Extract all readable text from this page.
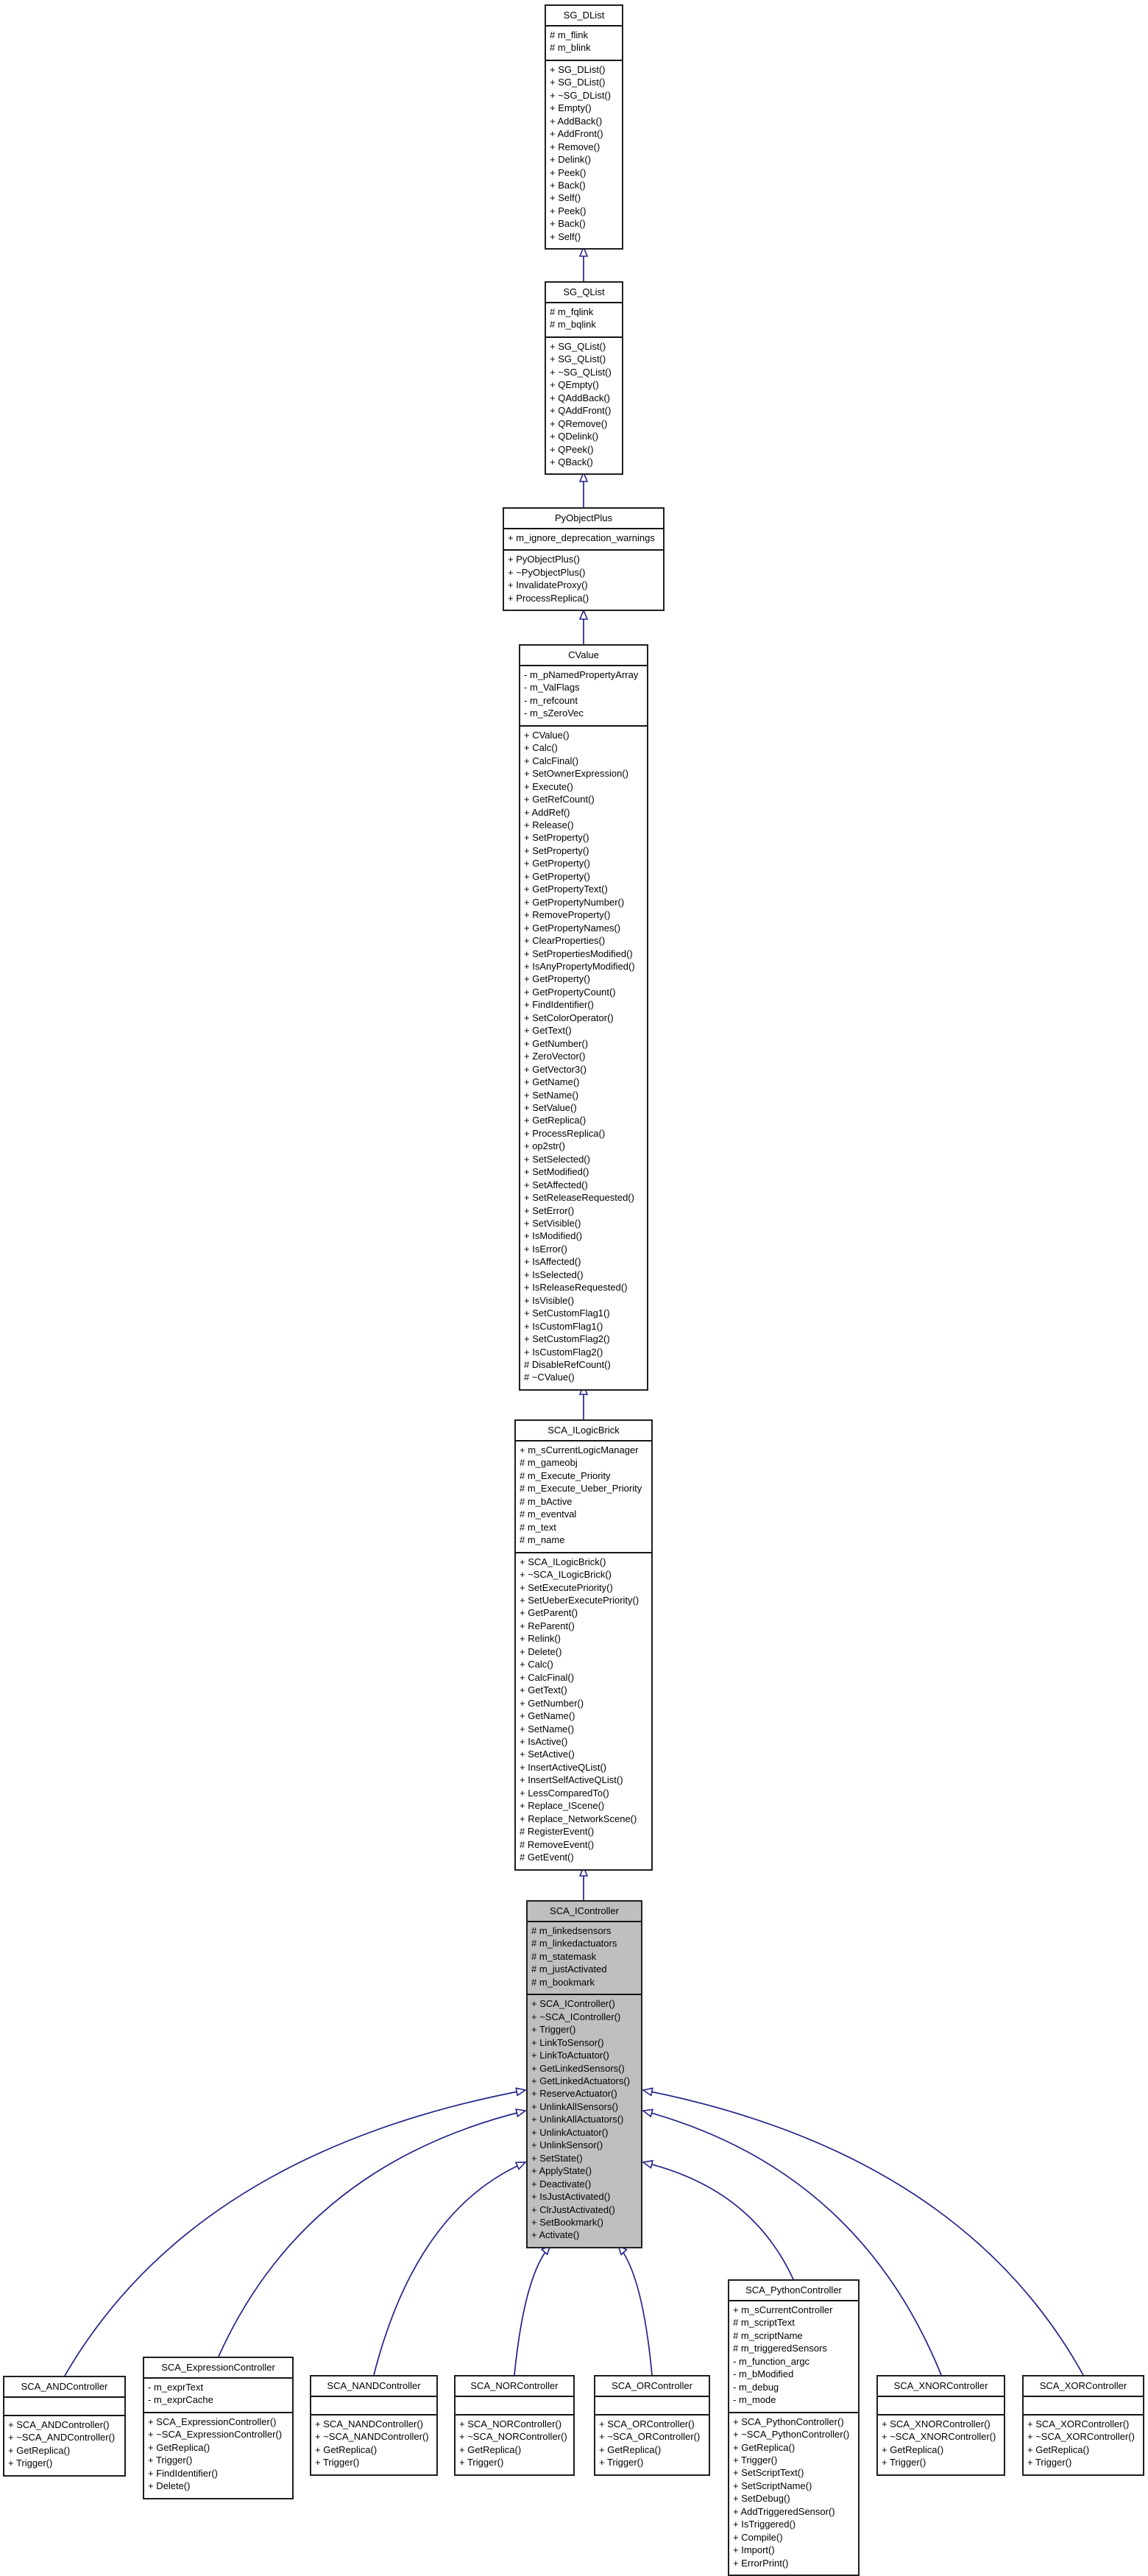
SG_DList
# m_flink
# m_blink
+ SG_DList()
+ SG_DList()
+ ~SG_DList()
+ Empty()
+ AddBack()
+ AddFront()
+ Remove()
+ Delink()
+ Peek()
+ Back()
+ Self()
+ Peek()
+ Back()
+ Self()
SG_QList
# m_fqlink
# m_bqlink
+ SG_QList()
+ SG_QList()
+ ~SG_QList()
+ QEmpty()
+ QAddBack()
+ QAddFront()
+ QRemove()
+ QDelink()
+ QPeek()
+ QBack()
PyObjectPlus
+ m_ignore_deprecation_warnings
+ PyObjectPlus()
+ ~PyObjectPlus()
+ InvalidateProxy()
+ ProcessReplica()
CValue
- m_pNamedPropertyArray
- m_ValFlags
- m_refcount
- m_sZeroVec
+ CValue()
+ Calc()
+ CalcFinal()
+ SetOwnerExpression()
+ Execute()
+ GetRefCount()
+ AddRef()
+ Release()
+ SetProperty()
+ SetProperty()
+ GetProperty()
+ GetProperty()
+ GetPropertyText()
+ GetPropertyNumber()
+ RemoveProperty()
+ GetPropertyNames()
+ ClearProperties()
+ SetPropertiesModified()
+ IsAnyPropertyModified()
+ GetProperty()
+ GetPropertyCount()
+ FindIdentifier()
+ SetColorOperator()
+ GetText()
+ GetNumber()
+ ZeroVector()
+ GetVector3()
+ GetName()
+ SetName()
+ SetValue()
+ GetReplica()
+ ProcessReplica()
+ op2str()
+ SetSelected()
+ SetModified()
+ SetAffected()
+ SetReleaseRequested()
+ SetError()
+ SetVisible()
+ IsModified()
+ IsError()
+ IsAffected()
+ IsSelected()
+ IsReleaseRequested()
+ IsVisible()
+ SetCustomFlag1()
+ IsCustomFlag1()
+ SetCustomFlag2()
+ IsCustomFlag2()
# DisableRefCount()
# ~CValue()
SCA_ILogicBrick
+ m_sCurrentLogicManager
# m_gameobj
# m_Execute_Priority
# m_Execute_Ueber_Priority
# m_bActive
# m_eventval
# m_text
# m_name
+ SCA_ILogicBrick()
+ ~SCA_ILogicBrick()
+ SetExecutePriority()
+ SetUeberExecutePriority()
+ GetParent()
+ ReParent()
+ Relink()
+ Delete()
+ Calc()
+ CalcFinal()
+ GetText()
+ GetNumber()
+ GetName()
+ SetName()
+ IsActive()
+ SetActive()
+ InsertActiveQList()
+ InsertSelfActiveQList()
+ LessComparedTo()
+ Replace_IScene()
+ Replace_NetworkScene()
# RegisterEvent()
# RemoveEvent()
# GetEvent()
SCA_IController
# m_linkedsensors
# m_linkedactuators
# m_statemask
# m_justActivated
# m_bookmark
+ SCA_IController()
+ ~SCA_IController()
+ Trigger()
+ LinkToSensor()
+ LinkToActuator()
+ GetLinkedSensors()
+ GetLinkedActuators()
+ ReserveActuator()
+ UnlinkAllSensors()
+ UnlinkAllActuators()
+ UnlinkActuator()
+ UnlinkSensor()
+ SetState()
+ ApplyState()
+ Deactivate()
+ IsJustActivated()
+ ClrJustActivated()
+ SetBookmark()
+ Activate()
SCA_ANDController
+ SCA_ANDController()
+ ~SCA_ANDController()
+ GetReplica()
+ Trigger()
SCA_ExpressionController
- m_exprText
- m_exprCache
+ SCA_ExpressionController()
+ ~SCA_ExpressionController()
+ GetReplica()
+ Trigger()
+ FindIdentifier()
+ Delete()
SCA_NANDController
+ SCA_NANDController()
+ ~SCA_NANDController()
+ GetReplica()
+ Trigger()
SCA_NORController
+ SCA_NORController()
+ ~SCA_NORController()
+ GetReplica()
+ Trigger()
SCA_ORController
+ SCA_ORController()
+ ~SCA_ORController()
+ GetReplica()
+ Trigger()
SCA_PythonController
+ m_sCurrentController
# m_scriptText
# m_scriptName
# m_triggeredSensors
- m_function_argc
- m_bModified
- m_debug
- m_mode
+ SCA_PythonController()
+ ~SCA_PythonController()
+ GetReplica()
+ Trigger()
+ SetScriptText()
+ SetScriptName()
+ SetDebug()
+ AddTriggeredSensor()
+ IsTriggered()
+ Compile()
+ Import()
+ ErrorPrint()
SCA_XNORController
+ SCA_XNORController()
+ ~SCA_XNORController()
+ GetReplica()
+ Trigger()
SCA_XORController
+ SCA_XORController()
+ ~SCA_XORController()
+ GetReplica()
+ Trigger()
